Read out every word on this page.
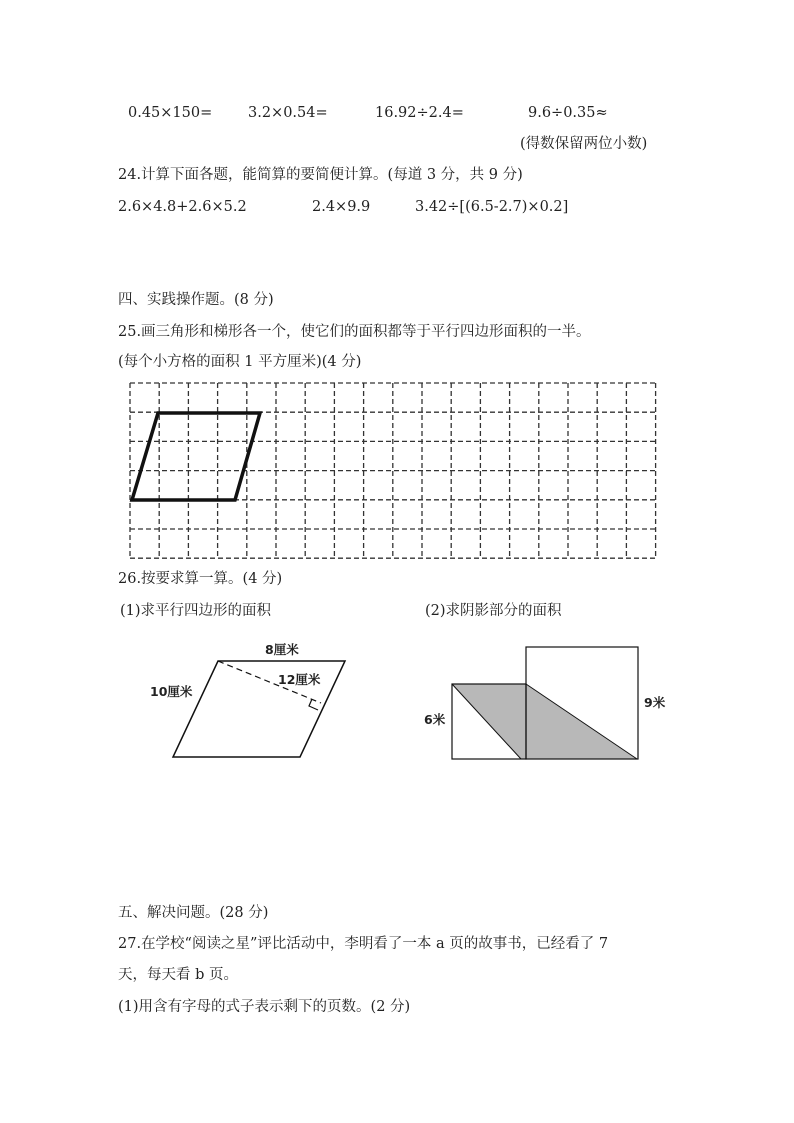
0.45×150= 3.2×0.54=	16.92÷2.4=	9.6÷0.35≈
(得数保留两位小数)
24.计算下面各题，能简算的要简便计算。(每道 3 分，共 9 分)
2.6×4.8+2.6×5.2	2.4×9.9	3.42÷[(6.5-2.7)×0.2]
四、实践操作题。(8 分)
25.画三角形和梯形各一个，使它们的面积都等于平行四边形面积的一半。
(每个小方格的面积 1 平方厘米)(4 分)
26.按要求算一算。(4 分)
(1)求平行四边形的面积	(2)求阴影部分的面积
8厘米
10厘米
12厘米
6米
9米
五、解决问题。(28 分)
27.在学校“阅读之星”评比活动中，李明看了一本 a 页的故事书，已经看了 7
天，每天看 b 页。
(1)用含有字母的式子表示剩下的页数。(2 分)
